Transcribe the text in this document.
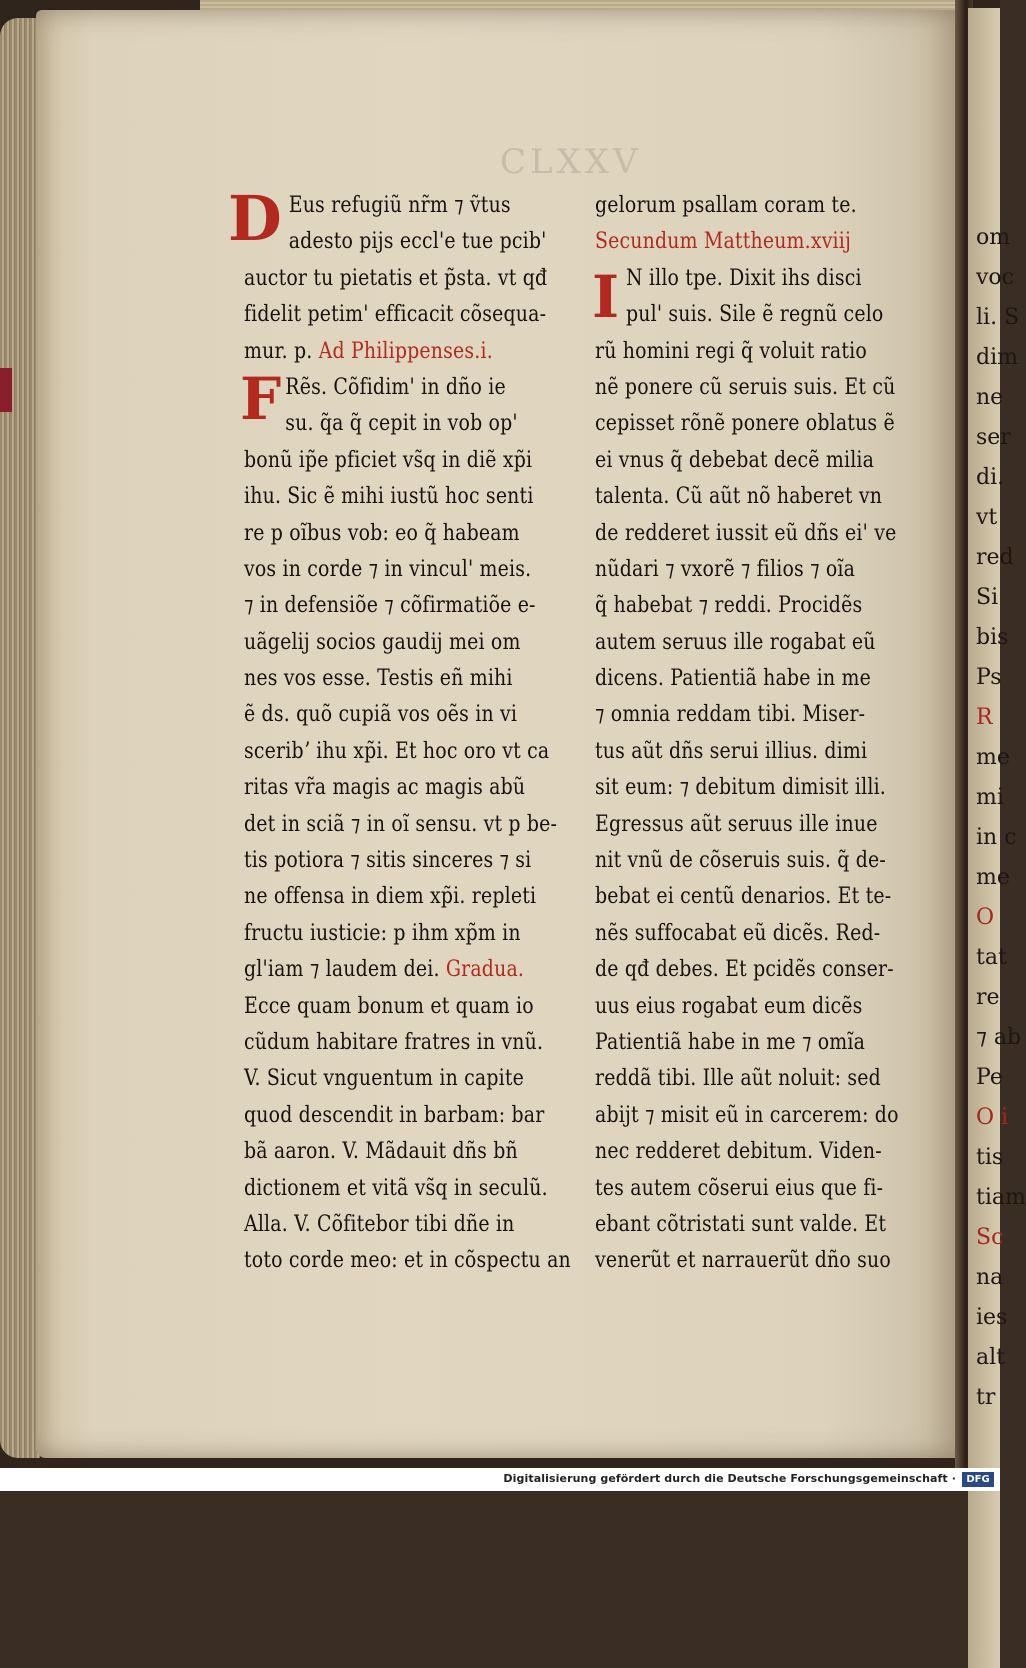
om
voc
li. S
dim
ne
ser
di.
vt
red
Si
bis
Ps
R
me
mi
in c
me
O
tat
re
⁊ ab
Pe
O i
tis
tiam
Sc
na
ies
alt
tr
CLXXV
Eus refugiũ nr̃m ⁊ ṽtus
adesto pijs eccl'e tue pcib'
auctor tu pietatis et p̃sta. vt qđ
fidelit petim' efficacit cõsequa-
mur. p. Ad Philippenses.i.
Rẽs. Cõfidim' in dño ie
su. q̃a q̃ cepit in vob op'
bonũ ip̃e pficiet vs̃q in diẽ xp̃i
ihu. Sic ẽ mihi iustũ hoc senti
re p oĩbus vob: eo q̃ habeam
vos in corde ⁊ in vincul' meis.
⁊ in defensiõe ⁊ cõfirmatiõe e-
uãgelij socios gaudij mei om
nes vos esse. Testis eñ mihi
ẽ ds. quõ cupiã vos oẽs in vi
sceribʼ ihu xp̃i. Et hoc oro vt ca
ritas vr̃a magis ac magis abũ
det in sciã ⁊ in oĩ sensu. vt p be-
tis potiora ⁊ sitis sinceres ⁊ si
ne offensa in diem xp̃i. repleti
fructu iusticie: p ihm xp̃m in
gl'iam ⁊ laudem dei. Gradua.
Ecce quam bonum et quam io
cũdum habitare fratres in vnũ.
V. Sicut vnguentum in capite
quod descendit in barbam: bar
bã aaron. V. Mãdauit dñs bñ
dictionem et vitã vs̃q in seculũ.
Alla. V. Cõfitebor tibi dñe in
toto corde meo: et in cõspectu an
gelorum psallam coram te.
Secundum Mattheum.xviij
N illo tpe. Dixit ihs disci
pul' suis. Sile ẽ regnũ celo
rũ homini regi q̃ voluit ratio
nẽ ponere cũ seruis suis. Et cũ
cepisset rõnẽ ponere oblatus ẽ
ei vnus q̃ debebat decẽ milia
talenta. Cũ aũt nõ haberet vn
de redderet iussit eũ dñs ei' ve
nũdari ⁊ vxorẽ ⁊ filios ⁊ oĩa
q̃ habebat ⁊ reddi. Procidẽs
autem seruus ille rogabat eũ
dicens. Patientiã habe in me
⁊ omnia reddam tibi. Miser-
tus aũt dñs serui illius. dimi
sit eum: ⁊ debitum dimisit illi.
Egressus aũt seruus ille inue
nit vnũ de cõseruis suis. q̃ de-
bebat ei centũ denarios. Et te-
nẽs suffocabat eũ dicẽs. Red-
de qđ debes. Et pcidẽs conser-
uus eius rogabat eum dicẽs
Patientiã habe in me ⁊ omĩa
reddã tibi. Ille aũt noluit: sed
abijt ⁊ misit eũ in carcerem: do
nec redderet debitum. Viden-
tes autem cõserui eius que fi-
ebant cõtristati sunt valde. Et
venerũt et narrauerũt dño suo
D
F
I
Digitalisierung gefördert durch die Deutsche Forschungsgemeinschaft ·	DFG
